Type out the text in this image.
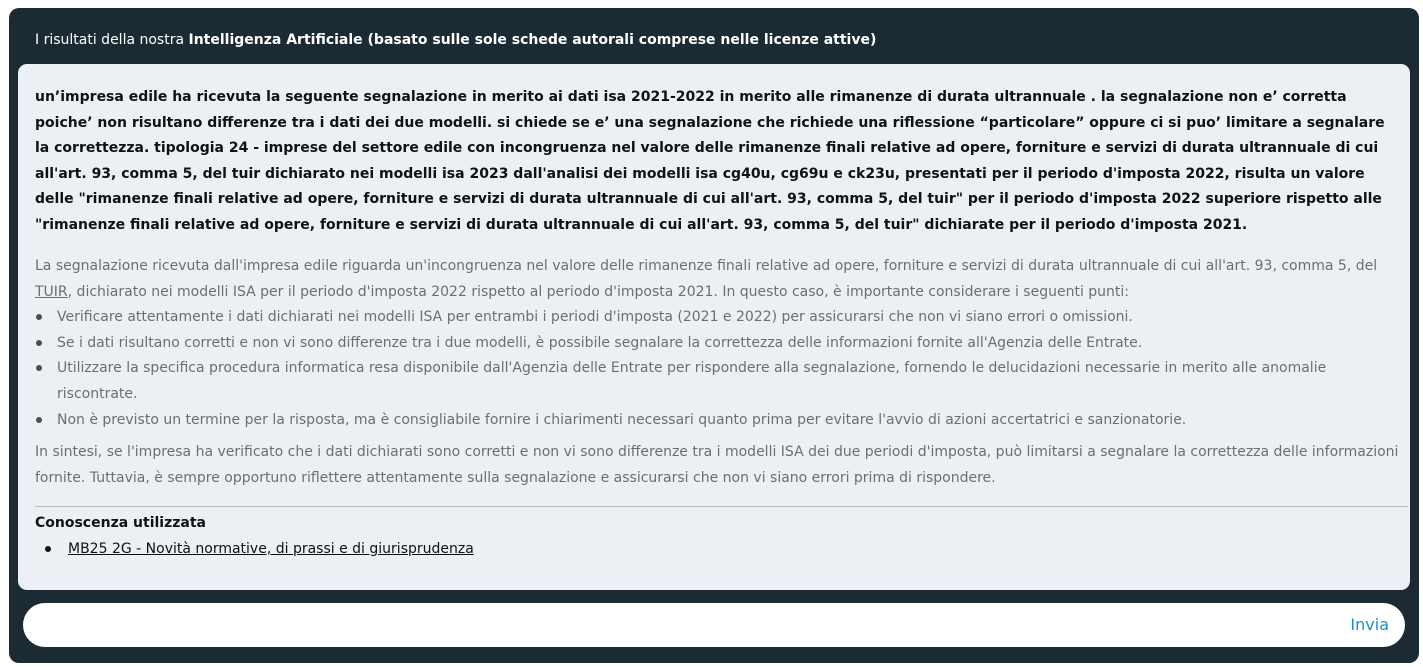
I risultati della nostra Intelligenza Artificiale (basato sulle sole schede autorali comprese nelle licenze attive)
un’impresa edile ha ricevuta la seguente segnalazione in merito ai dati isa 2021-2022 in merito alle rimanenze di durata ultrannuale . la segnalazione non e’ corretta poiche’ non risultano differenze tra i dati dei due modelli. si chiede se e’ una segnalazione che richiede una riflessione “particolare” oppure ci si puo’ limitare a segnalare la correttezza. tipologia 24 - imprese del settore edile con incongruenza nel valore delle rimanenze finali relative ad opere, forniture e servizi di durata ultrannuale di cui all'art. 93, comma 5, del tuir dichiarato nei modelli isa 2023 dall'analisi dei modelli isa cg40u, cg69u e ck23u, presentati per il periodo d'imposta 2022, risulta un valore delle "rimanenze finali relative ad opere, forniture e servizi di durata ultrannuale di cui all'art. 93, comma 5, del tuir" per il periodo d'imposta 2022 superiore rispetto alle "rimanenze finali relative ad opere, forniture e servizi di durata ultrannuale di cui all'art. 93, comma 5, del tuir" dichiarate per il periodo d'imposta 2021.

La segnalazione ricevuta dall'impresa edile riguarda un'incongruenza nel valore delle rimanenze finali relative ad opere, forniture e servizi di durata ultrannuale di cui all'art. 93, comma 5, del TUIR, dichiarato nei modelli ISA per il periodo d'imposta 2022 rispetto al periodo d'imposta 2021. In questo caso, è importante considerare i seguenti punti:

Verificare attentamente i dati dichiarati nei modelli ISA per entrambi i periodi d'imposta (2021 e 2022) per assicurarsi che non vi siano errori o omissioni.
Se i dati risultano corretti e non vi sono differenze tra i due modelli, è possibile segnalare la correttezza delle informazioni fornite all'Agenzia delle Entrate.
Utilizzare la specifica procedura informatica resa disponibile dall'Agenzia delle Entrate per rispondere alla segnalazione, fornendo le delucidazioni necessarie in merito alle anomalie riscontrate.
Non è previsto un termine per la risposta, ma è consigliabile fornire i chiarimenti necessari quanto prima per evitare l'avvio di azioni accertatrici e sanzionatorie.

In sintesi, se l'impresa ha verificato che i dati dichiarati sono corretti e non vi sono differenze tra i modelli ISA dei due periodi d'imposta, può limitarsi a segnalare la correttezza delle informazioni fornite. Tuttavia, è sempre opportuno riflettere attentamente sulla segnalazione e assicurarsi che non vi siano errori prima di rispondere.

Conoscenza utilizzata
MB25 2G - Novità normative, di prassi e di giurisprudenza
Invia
